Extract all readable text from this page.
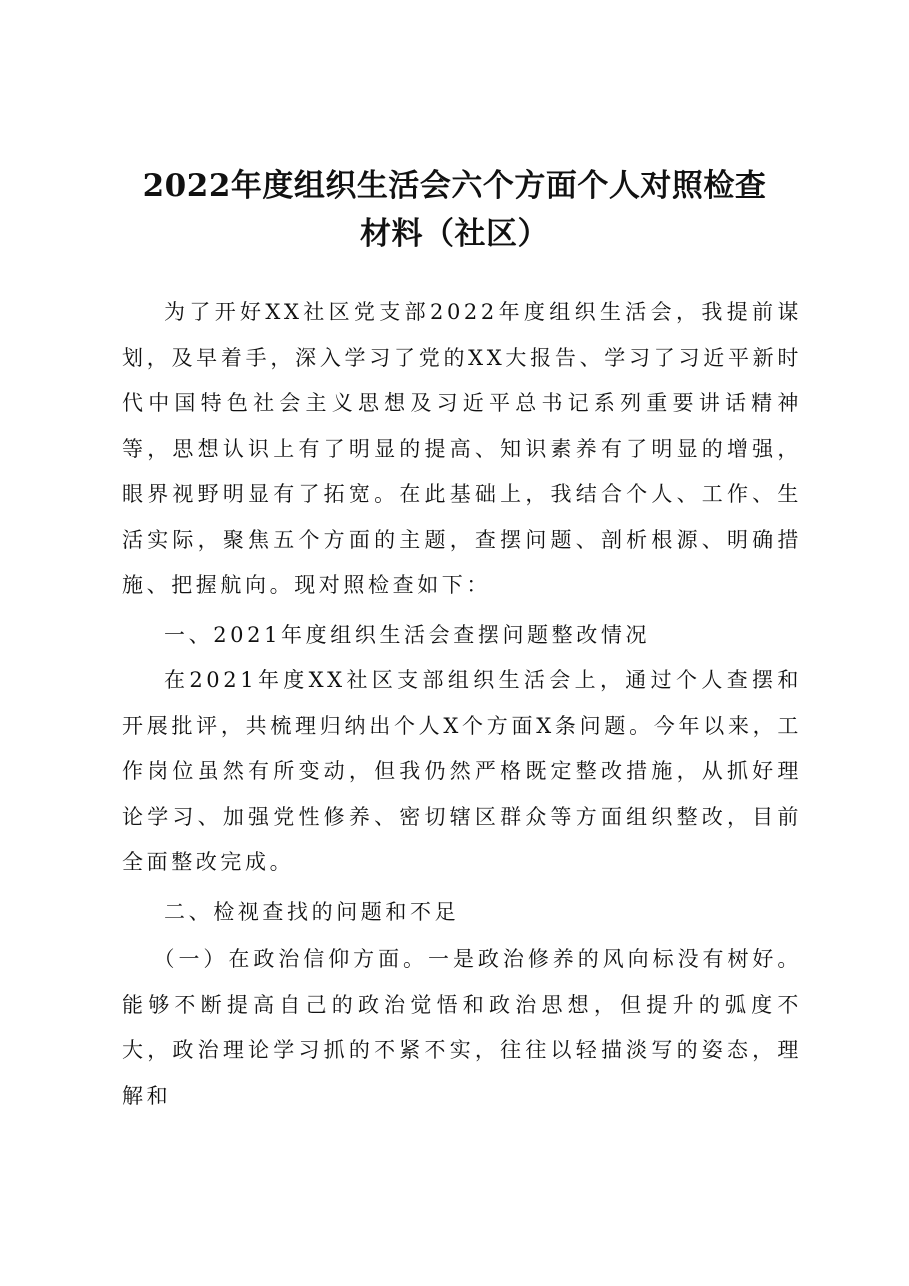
2022年度组织生活会六个方面个人对照检查
材料（社区）

为了开好XX社区党支部2022年度组织生活会，我提前谋划，及早着手，深入学习了党的XX大报告、学习了习近平新时代中国特色社会主义思想及习近平总书记系列重要讲话精神等，思想认识上有了明显的提高、知识素养有了明显的增强，眼界视野明显有了拓宽。在此基础上，我结合个人、工作、生活实际，聚焦五个方面的主题，查摆问题、剖析根源、明确措施、把握航向。现对照检查如下：

一、2021年度组织生活会查摆问题整改情况

在2021年度XX社区支部组织生活会上，通过个人查摆和开展批评，共梳理归纳出个人X个方面X条问题。今年以来，工作岗位虽然有所变动，但我仍然严格既定整改措施，从抓好理论学习、加强党性修养、密切辖区群众等方面组织整改，目前全面整改完成。

二、检视查找的问题和不足

（一）在政治信仰方面。一是政治修养的风向标没有树好。能够不断提高自己的政治觉悟和政治思想，但提升的弧度不大，政治理论学习抓的不紧不实，往往以轻描淡写的姿态，理解和
